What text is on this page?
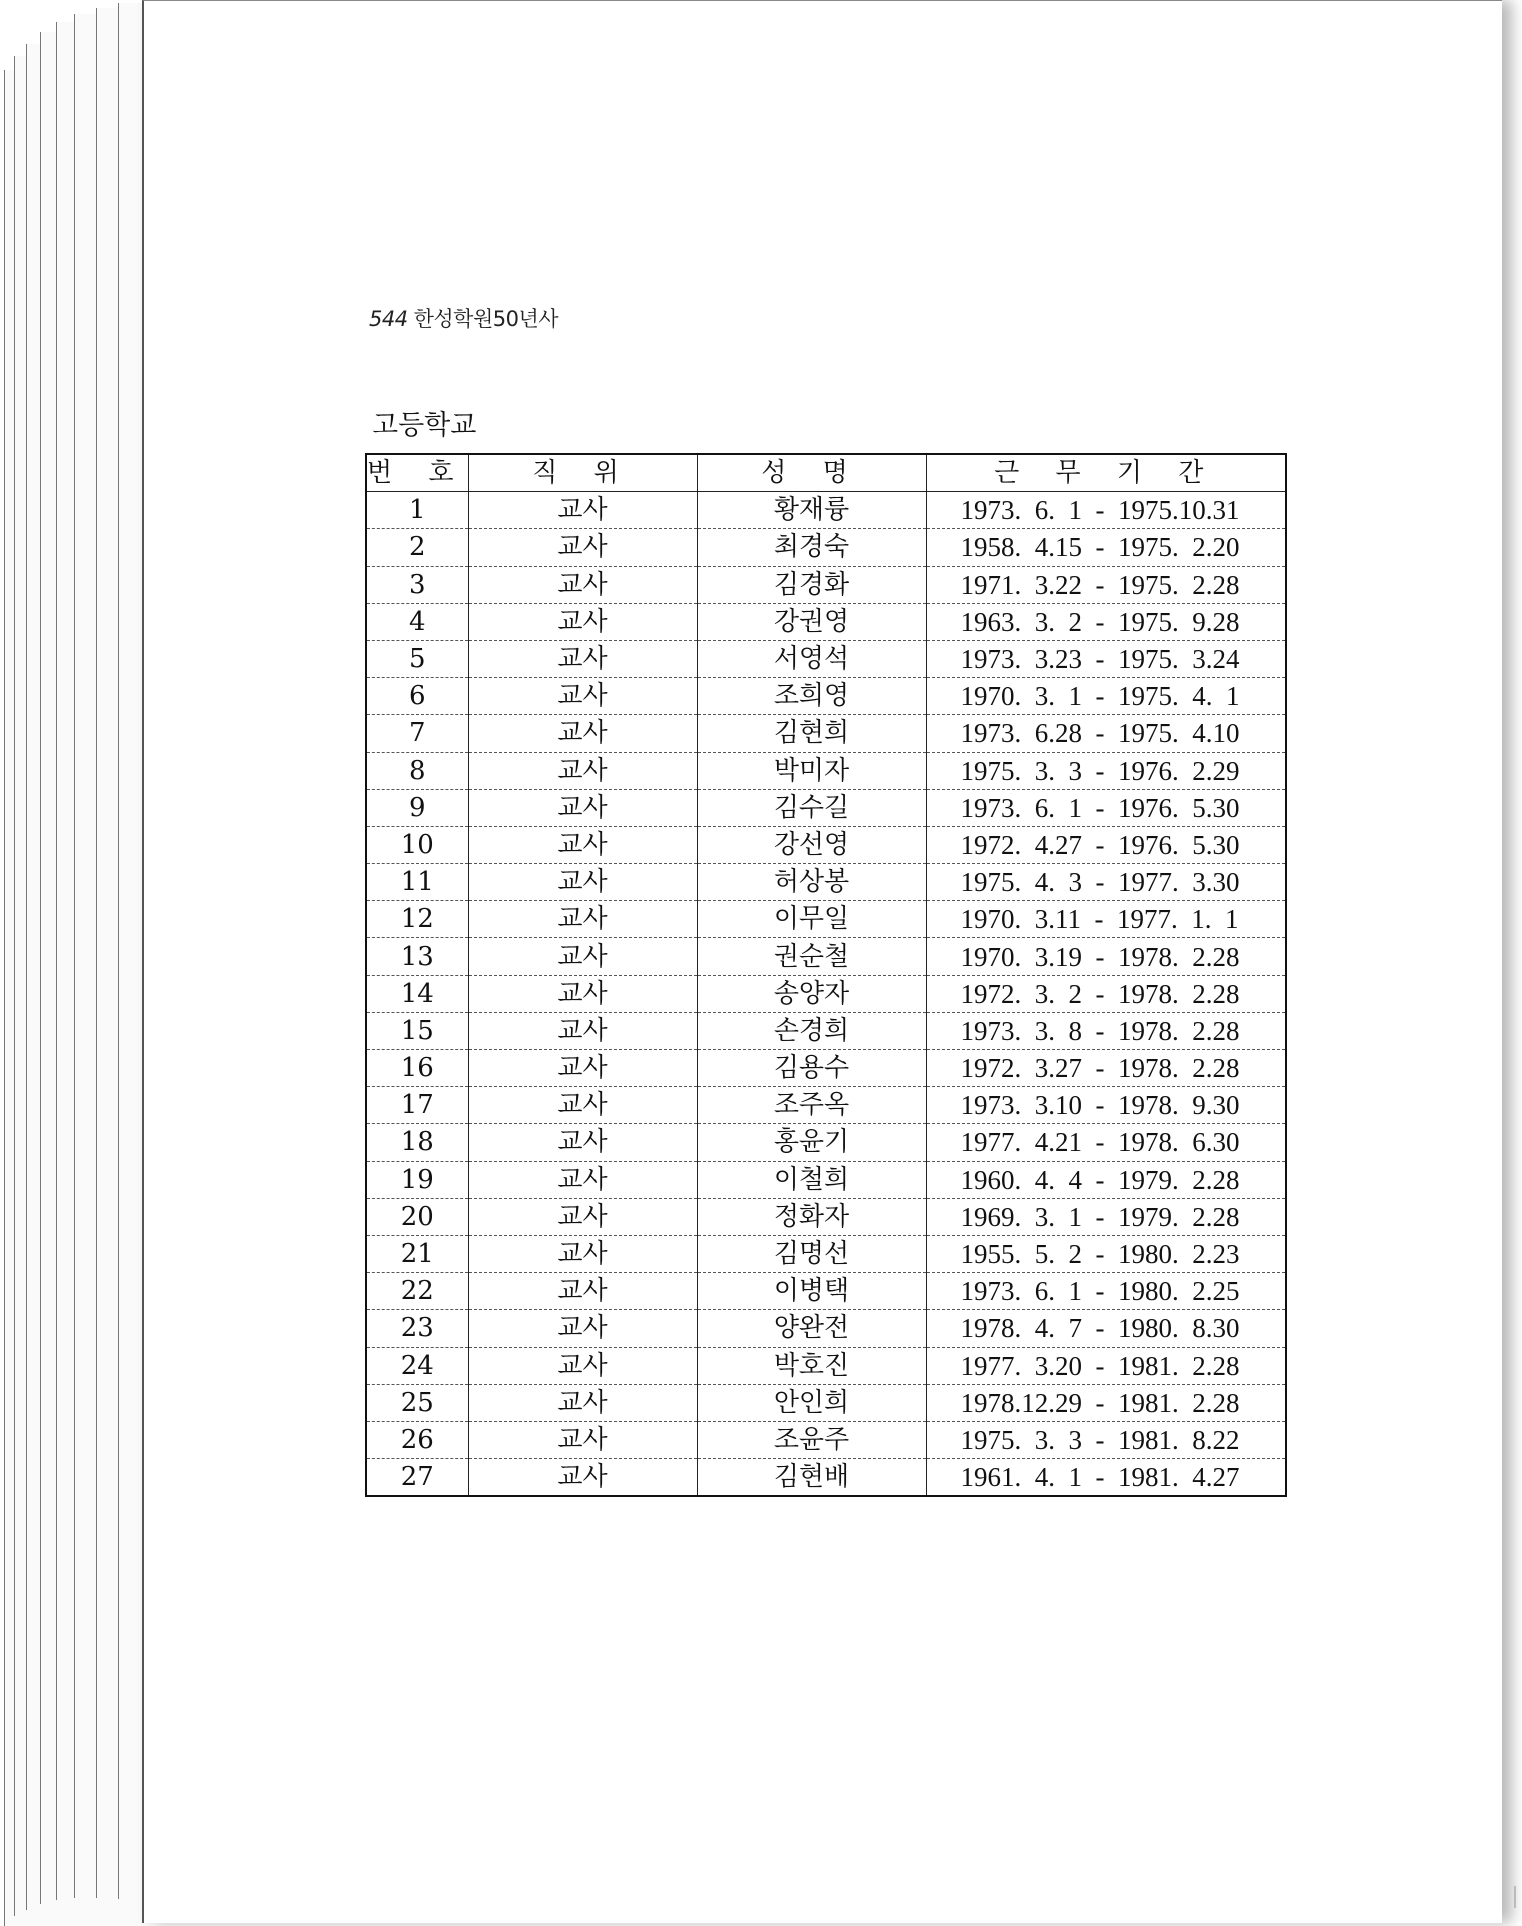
544 한성학원50년사
고등학교
번 호	직 위	성 명	근 무 기 간
1	교사	황재륭	1973.  6.  1  -  1975.10.31
2	교사	최경숙	1958.  4.15  -  1975.  2.20
3	교사	김경화	1971.  3.22  -  1975.  2.28
4	교사	강권영	1963.  3.  2  -  1975.  9.28
5	교사	서영석	1973.  3.23  -  1975.  3.24
6	교사	조희영	1970.  3.  1  -  1975.  4.  1
7	교사	김현희	1973.  6.28  -  1975.  4.10
8	교사	박미자	1975.  3.  3  -  1976.  2.29
9	교사	김수길	1973.  6.  1  -  1976.  5.30
10	교사	강선영	1972.  4.27  -  1976.  5.30
11	교사	허상봉	1975.  4.  3  -  1977.  3.30
12	교사	이무일	1970.  3.11  -  1977.  1.  1
13	교사	권순철	1970.  3.19  -  1978.  2.28
14	교사	송양자	1972.  3.  2  -  1978.  2.28
15	교사	손경희	1973.  3.  8  -  1978.  2.28
16	교사	김용수	1972.  3.27  -  1978.  2.28
17	교사	조주옥	1973.  3.10  -  1978.  9.30
18	교사	홍윤기	1977.  4.21  -  1978.  6.30
19	교사	이철희	1960.  4.  4  -  1979.  2.28
20	교사	정화자	1969.  3.  1  -  1979.  2.28
21	교사	김명선	1955.  5.  2  -  1980.  2.23
22	교사	이병택	1973.  6.  1  -  1980.  2.25
23	교사	양완전	1978.  4.  7  -  1980.  8.30
24	교사	박호진	1977.  3.20  -  1981.  2.28
25	교사	안인희	1978.12.29  -  1981.  2.28
26	교사	조윤주	1975.  3.  3  -  1981.  8.22
27	교사	김현배	1961.  4.  1  -  1981.  4.27
